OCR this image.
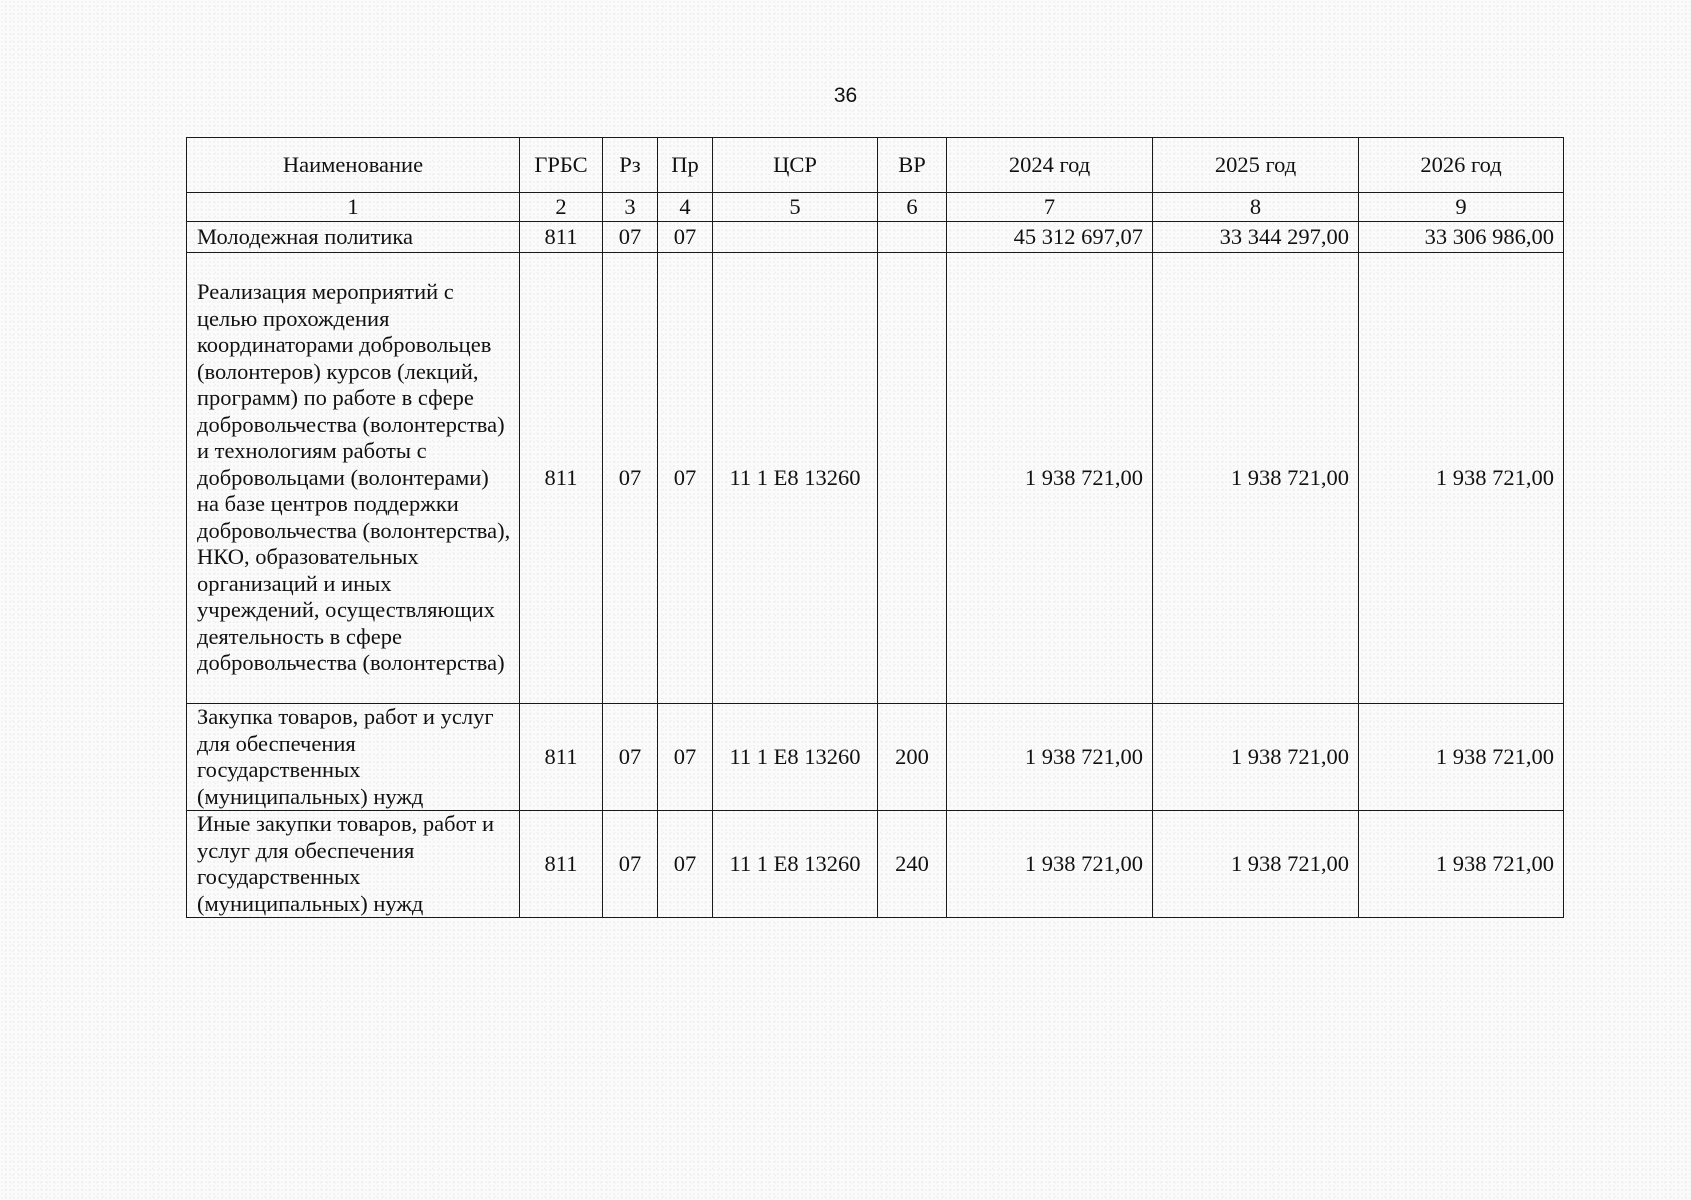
36
Наименование	ГРБС	Рз	Пр	ЦСР	ВР	2024 год	2025 год	2026 год
1	2	3	4	5	6	7	8	9
Молодежная политика	811	07	07			45 312 697,07	33 344 297,00	33 306 986,00
Реализация мероприятий с целью прохождения координаторами добровольцев (волонтеров) курсов (лекций, программ) по работе в сфере добровольчества (волонтерства) и технологиям работы с добровольцами (волонтерами) на базе центров поддержки добровольчества (волонтерства), НКО, образовательных организаций и иных учреждений, осуществляющих деятельность в сфере добровольчества (волонтерства)	811	07	07	11 1 E8 13260		1 938 721,00	1 938 721,00	1 938 721,00
Закупка товаров, работ и услуг для обеспечения государственных (муниципальных) нужд	811	07	07	11 1 E8 13260	200	1 938 721,00	1 938 721,00	1 938 721,00
Иные закупки товаров, работ и услуг для обеспечения государственных (муниципальных) нужд	811	07	07	11 1 E8 13260	240	1 938 721,00	1 938 721,00	1 938 721,00
